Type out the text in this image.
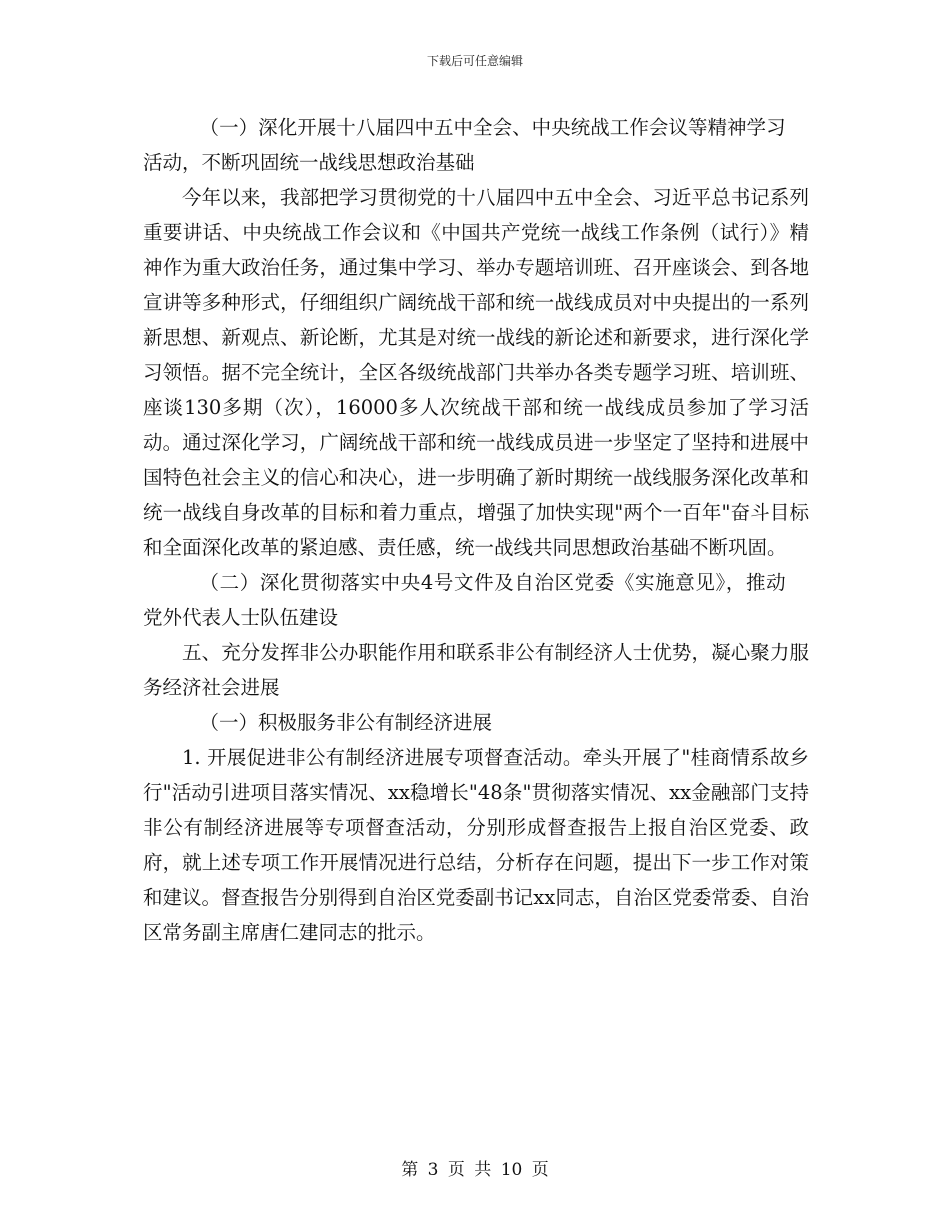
下载后可任意编辑

（一）深化开展十八届四中五中全会、中央统战工作会议等精神学习活动，不断巩固统一战线思想政治基础

今年以来，我部把学习贯彻党的十八届四中五中全会、习近平总书记系列重要讲话、中央统战工作会议和《中国共产党统一战线工作条例（试行）》精神作为重大政治任务，通过集中学习、举办专题培训班、召开座谈会、到各地宣讲等多种形式，仔细组织广阔统战干部和统一战线成员对中央提出的一系列新思想、新观点、新论断，尤其是对统一战线的新论述和新要求，进行深化学习领悟。据不完全统计，全区各级统战部门共举办各类专题学习班、培训班、座谈130多期（次），16000多人次统战干部和统一战线成员参加了学习活动。通过深化学习，广阔统战干部和统一战线成员进一步坚定了坚持和进展中国特色社会主义的信心和决心，进一步明确了新时期统一战线服务深化改革和统一战线自身改革的目标和着力重点，增强了加快实现"两个一百年"奋斗目标和全面深化改革的紧迫感、责任感，统一战线共同思想政治基础不断巩固。

（二）深化贯彻落实中央4号文件及自治区党委《实施意见》，推动党外代表人士队伍建设

五、充分发挥非公办职能作用和联系非公有制经济人士优势，凝心聚力服务经济社会进展

（一）积极服务非公有制经济进展

1. 开展促进非公有制经济进展专项督查活动。牵头开展了"桂商情系故乡行"活动引进项目落实情况、xx稳增长"48条"贯彻落实情况、xx金融部门支持非公有制经济进展等专项督查活动，分别形成督查报告上报自治区党委、政府，就上述专项工作开展情况进行总结，分析存在问题，提出下一步工作对策和建议。督查报告分别得到自治区党委副书记xx同志，自治区党委常委、自治区常务副主席唐仁建同志的批示。

第 3 页 共 10 页
